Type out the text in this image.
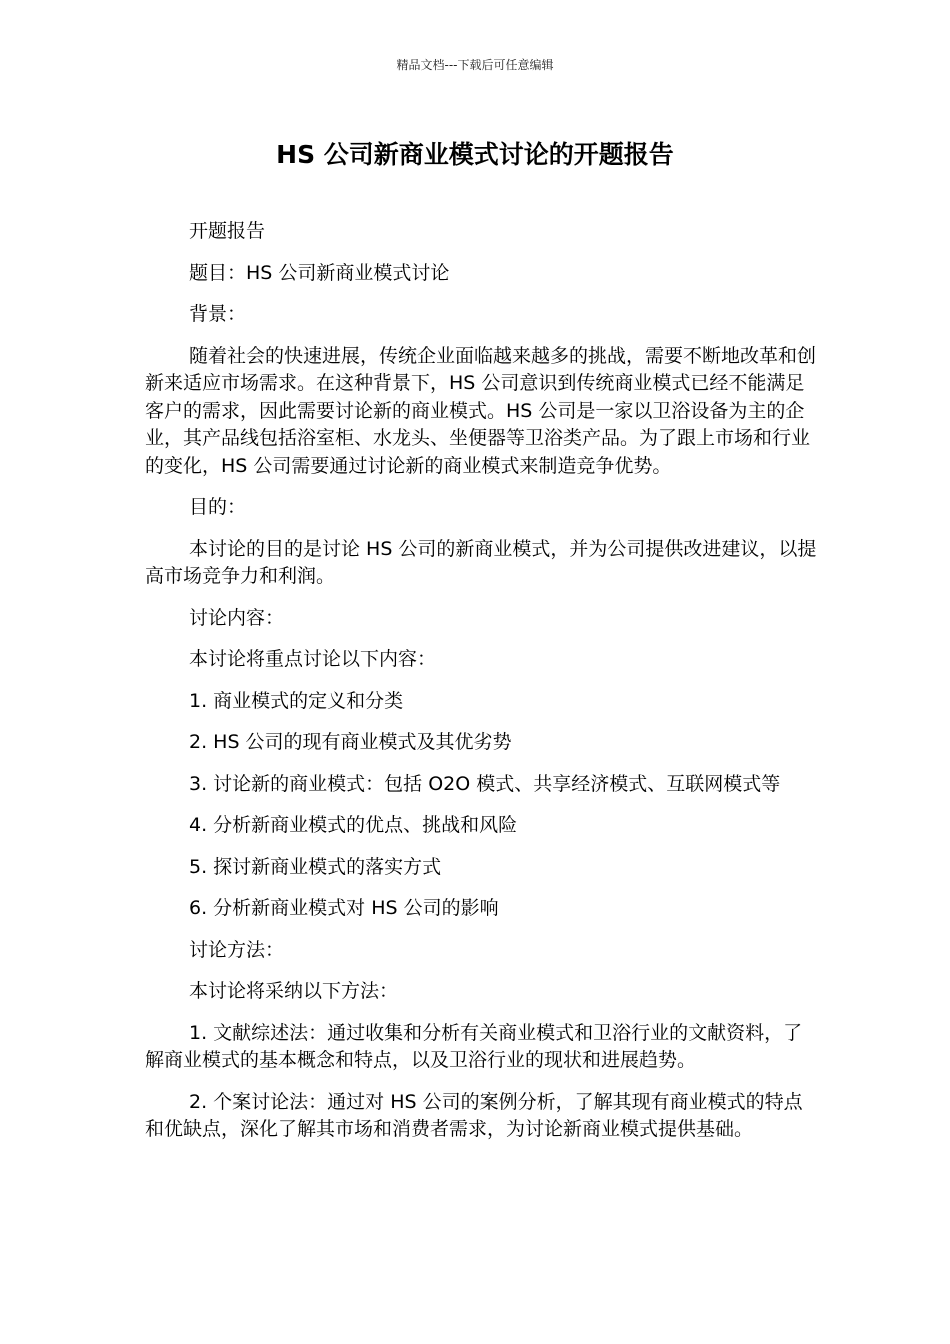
精品文档---下载后可任意编辑
HS 公司新商业模式讨论的开题报告

开题报告

题目：HS 公司新商业模式讨论

背景：

随着社会的快速进展，传统企业面临越来越多的挑战，需要不断地改革和创新来适应市场需求。在这种背景下，HS 公司意识到传统商业模式已经不能满足客户的需求，因此需要讨论新的商业模式。HS 公司是一家以卫浴设备为主的企业，其产品线包括浴室柜、水龙头、坐便器等卫浴类产品。为了跟上市场和行业的变化，HS 公司需要通过讨论新的商业模式来制造竞争优势。

目的：

本讨论的目的是讨论 HS 公司的新商业模式，并为公司提供改进建议，以提高市场竞争力和利润。

讨论内容：

本讨论将重点讨论以下内容：

1. 商业模式的定义和分类

2. HS 公司的现有商业模式及其优劣势

3. 讨论新的商业模式：包括 O2O 模式、共享经济模式、互联网模式等

4. 分析新商业模式的优点、挑战和风险

5. 探讨新商业模式的落实方式

6. 分析新商业模式对 HS 公司的影响

讨论方法：

本讨论将采纳以下方法：

1. 文献综述法：通过收集和分析有关商业模式和卫浴行业的文献资料，了解商业模式的基本概念和特点，以及卫浴行业的现状和进展趋势。

2. 个案讨论法：通过对 HS 公司的案例分析，了解其现有商业模式的特点和优缺点，深化了解其市场和消费者需求，为讨论新商业模式提供基础。
